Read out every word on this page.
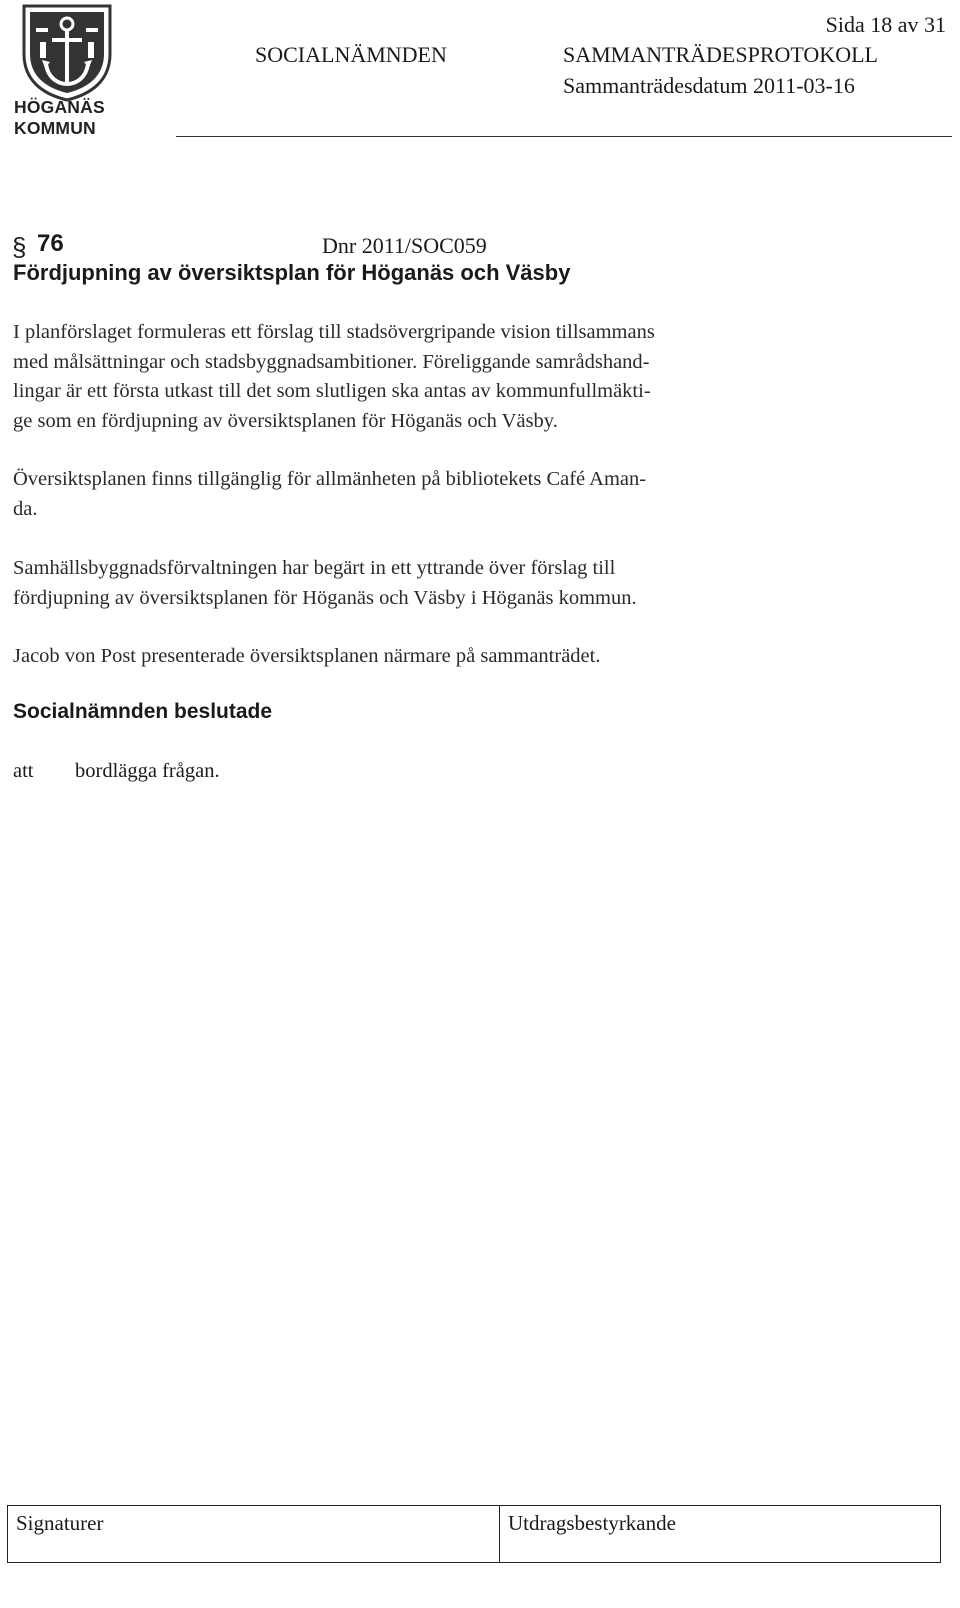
HÖGANÄS
KOMMUN
Sida 18 av 31
SOCIALNÄMNDEN	SAMMANTRÄDESPROTOKOLL
Sammanträdesdatum 2011-03-16
§ 76	Dnr 2011/SOC059
Fördjupning av översiktsplan för Höganäs och Väsby
I planförslaget formuleras ett förslag till stadsövergripande vision tillsammans
med målsättningar och stadsbyggnadsambitioner. Föreliggande samrådshand-
lingar är ett första utkast till det som slutligen ska antas av kommunfullmäkti-
ge som en fördjupning av översiktsplanen för Höganäs och Väsby.
Översiktsplanen finns tillgänglig för allmänheten på bibliotekets Café Aman-
da.
Samhällsbyggnadsförvaltningen har begärt in ett yttrande över förslag till
fördjupning av översiktsplanen för Höganäs och Väsby i Höganäs kommun.
Jacob von Post presenterade översiktsplanen närmare på sammanträdet.
Socialnämnden beslutade
att bordlägga frågan.
Signaturer	Utdragsbestyrkande
